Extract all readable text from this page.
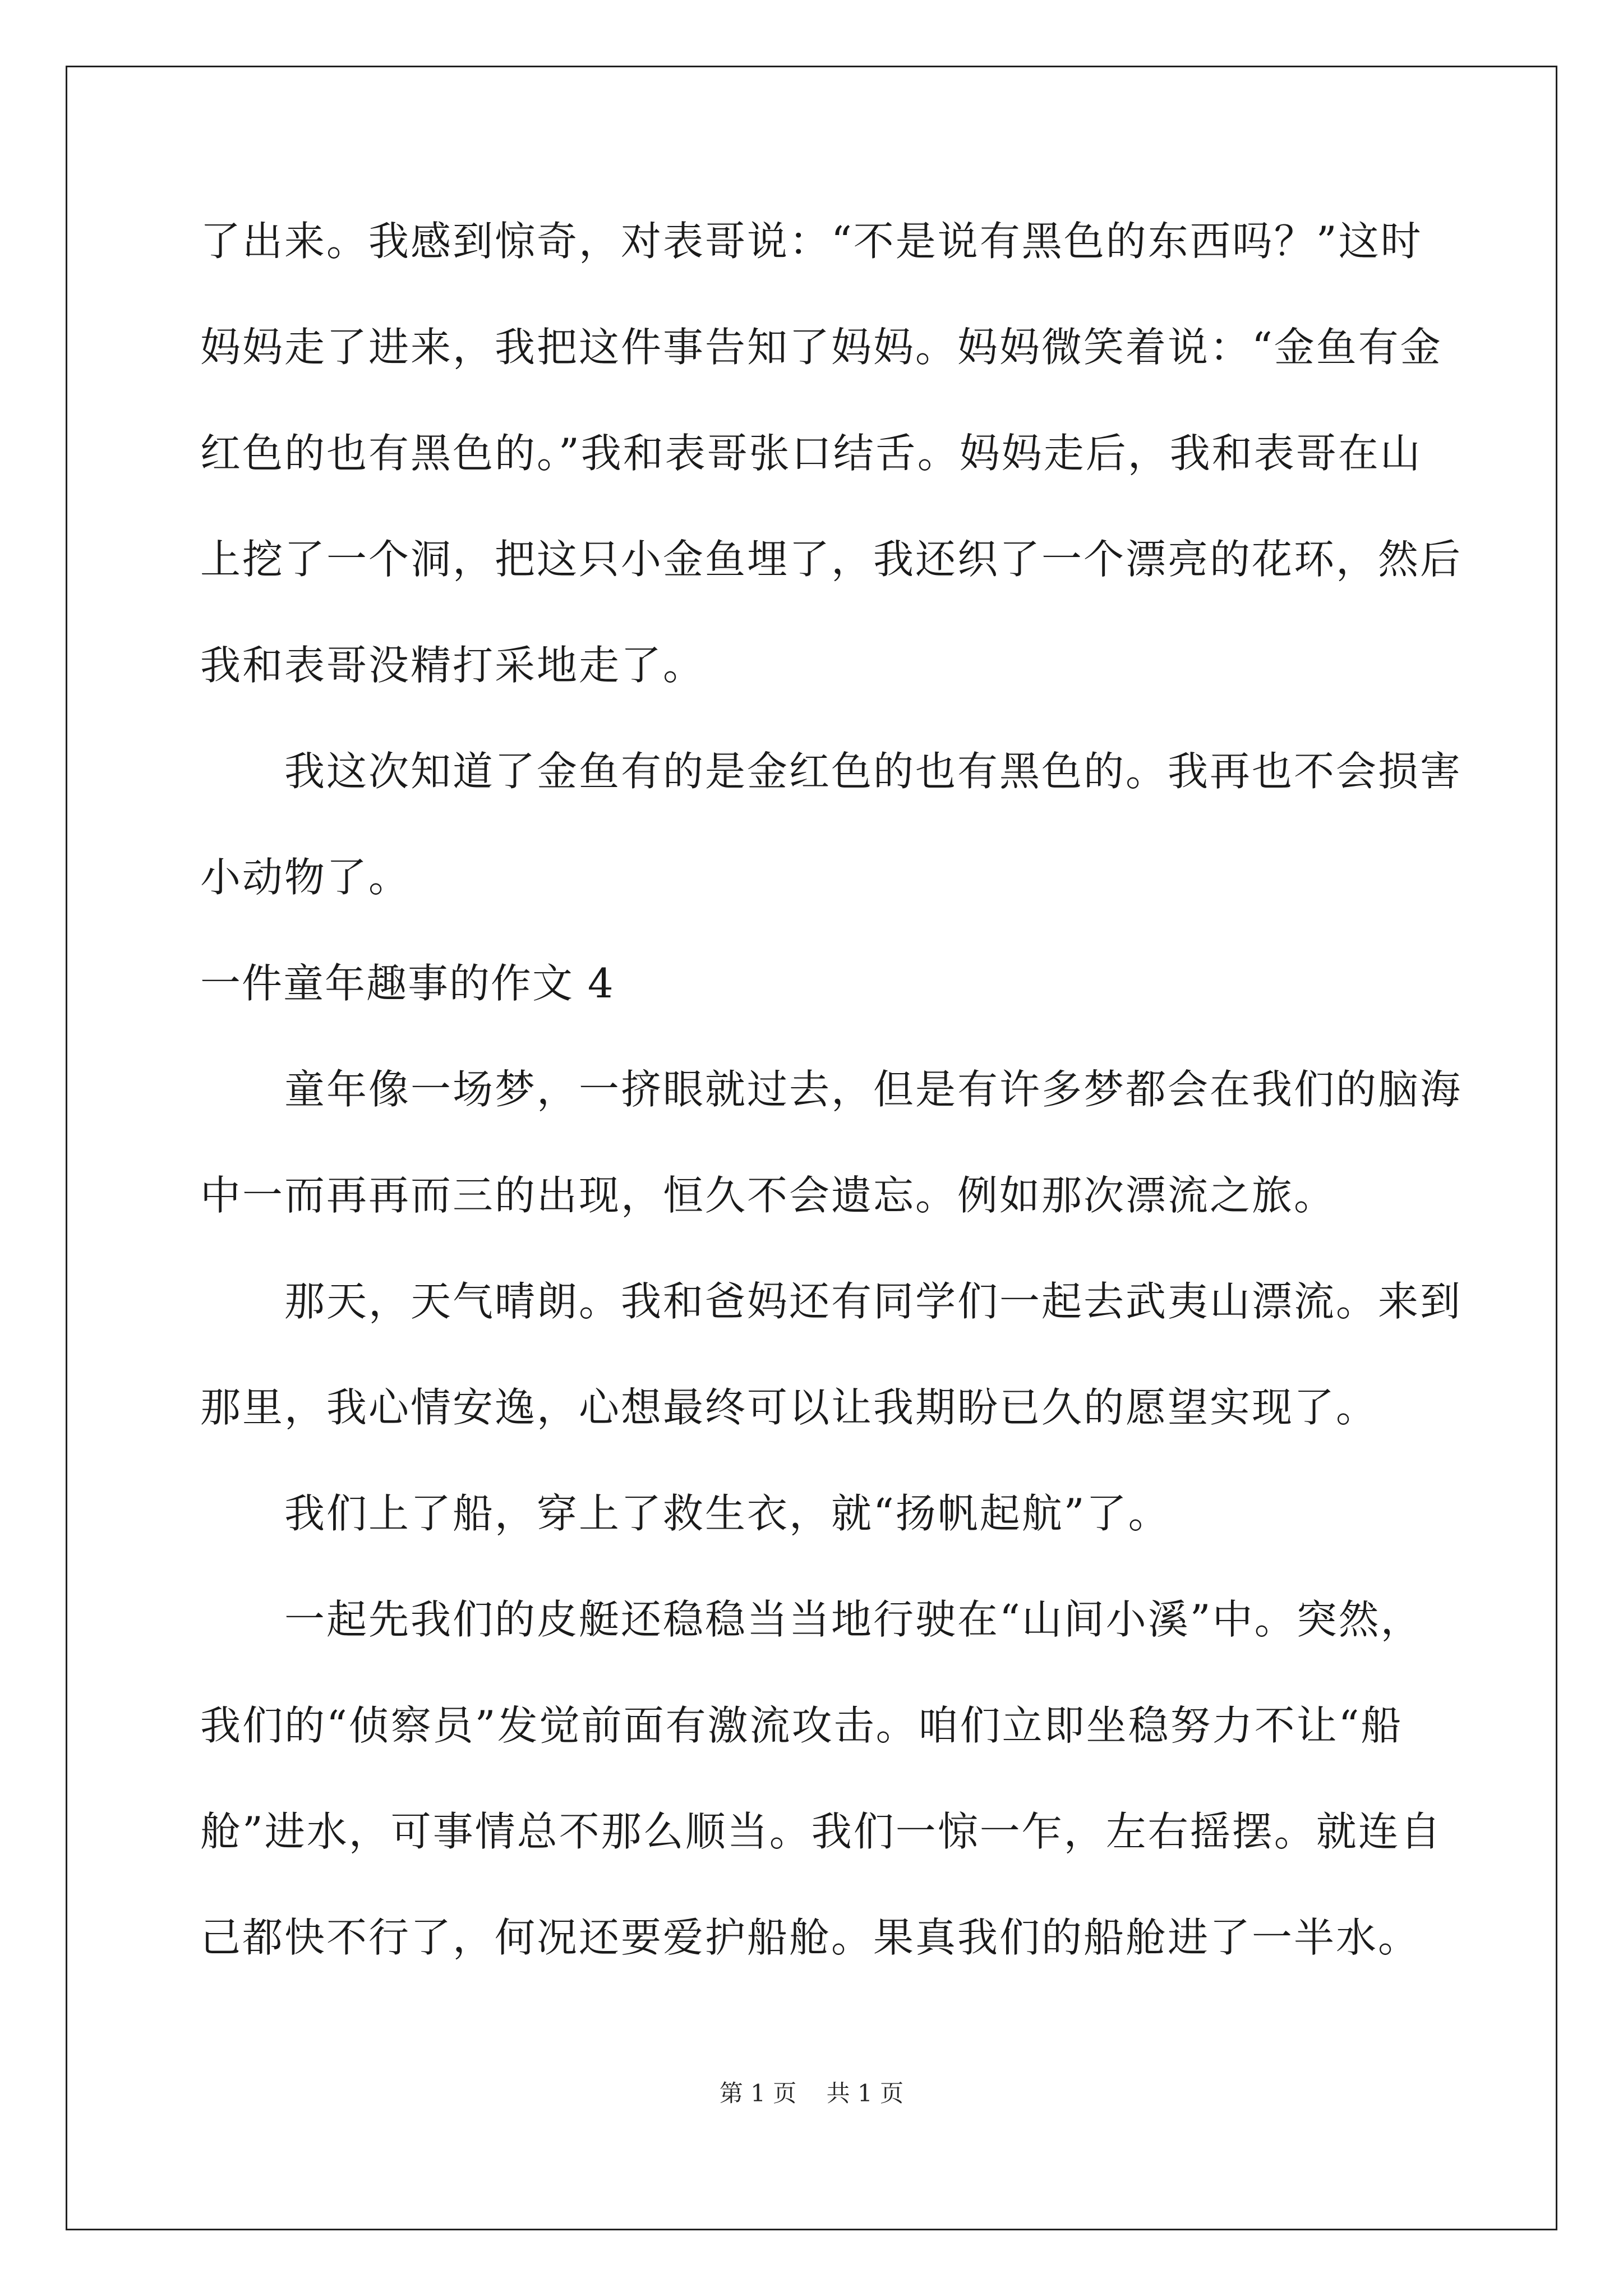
了出来。我感到惊奇，对表哥说：“不是说有黑色的东西吗？”这时
妈妈走了进来，我把这件事告知了妈妈。妈妈微笑着说：“金鱼有金
红色的也有黑色的。”我和表哥张口结舌。妈妈走后，我和表哥在山
上挖了一个洞，把这只小金鱼埋了，我还织了一个漂亮的花环，然后
我和表哥没精打采地走了。
　　我这次知道了金鱼有的是金红色的也有黑色的。我再也不会损害
小动物了。
一件童年趣事的作文 4
　　童年像一场梦，一挤眼就过去，但是有许多梦都会在我们的脑海
中一而再再而三的出现，恒久不会遗忘。例如那次漂流之旅。
　　那天，天气晴朗。我和爸妈还有同学们一起去武夷山漂流。来到
那里，我心情安逸，心想最终可以让我期盼已久的愿望实现了。
　　我们上了船，穿上了救生衣，就“扬帆起航”了。
　　一起先我们的皮艇还稳稳当当地行驶在“山间小溪”中。突然，
我们的“侦察员”发觉前面有激流攻击。咱们立即坐稳努力不让“船
舱”进水，可事情总不那么顺当。我们一惊一乍，左右摇摆。就连自
己都快不行了，何况还要爱护船舱。果真我们的船舱进了一半水。
第 1 页 共 1 页
